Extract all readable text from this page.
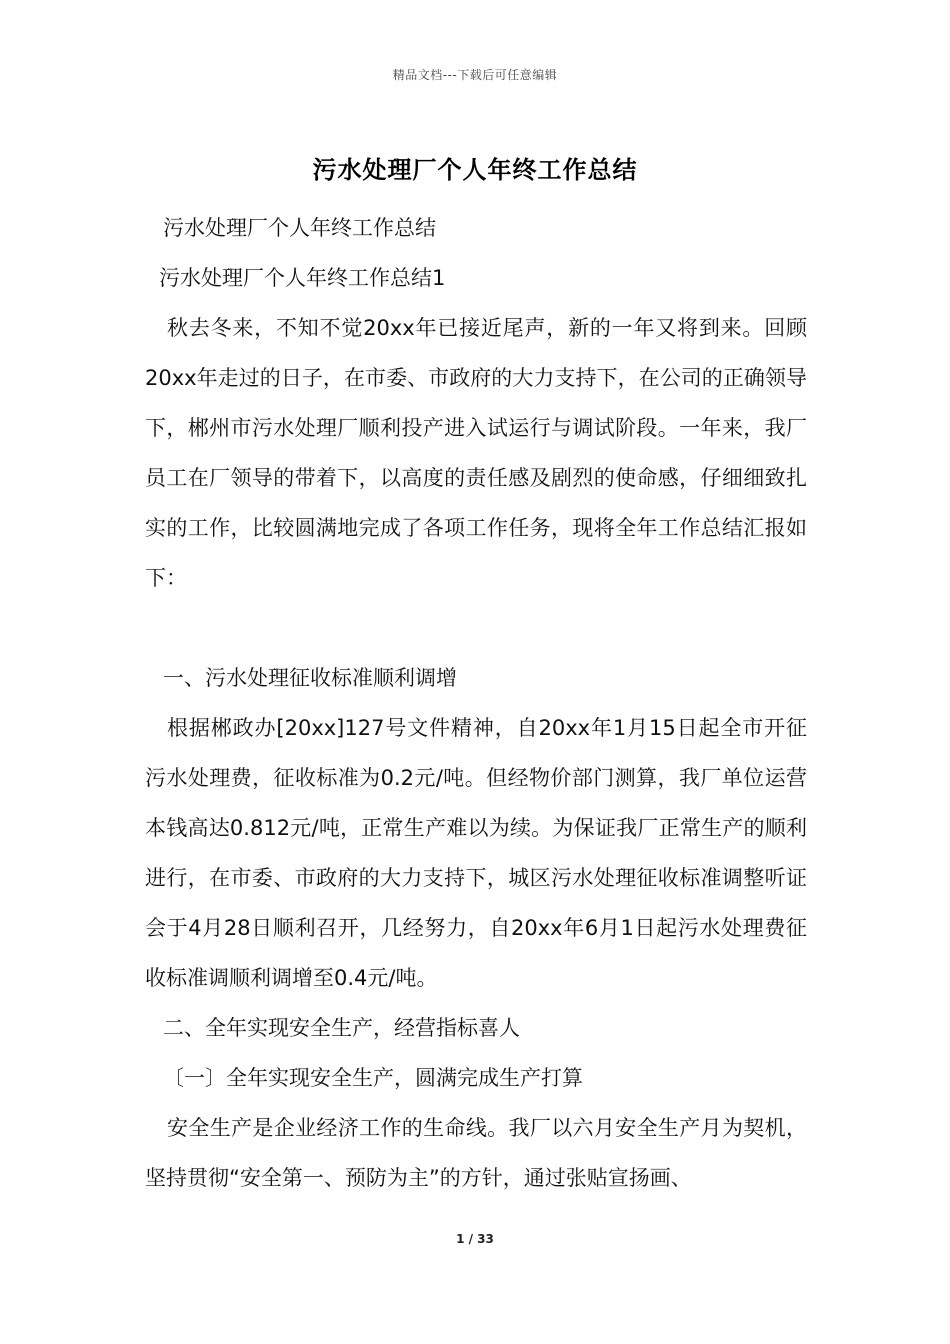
精品文档---下载后可任意编辑
污水处理厂个人年终工作总结

污水处理厂个人年终工作总结

污水处理厂个人年终工作总结1

秋去冬来，不知不觉20xx年已接近尾声，新的一年又将到来。回顾20xx年走过的日子，在市委、市政府的大力支持下，在公司的正确领导下，郴州市污水处理厂顺利投产进入试运行与调试阶段。一年来，我厂员工在厂领导的带着下，以高度的责任感及剧烈的使命感，仔细细致扎实的工作，比较圆满地完成了各项工作任务，现将全年工作总结汇报如下：

一、污水处理征收标准顺利调增

根据郴政办[20xx]127号文件精神，自20xx年1月15日起全市开征污水处理费，征收标准为0.2元/吨。但经物价部门测算，我厂单位运营本钱高达0.812元/吨，正常生产难以为续。为保证我厂正常生产的顺利进行，在市委、市政府的大力支持下，城区污水处理征收标准调整听证会于4月28日顺利召开，几经努力，自20xx年6月1日起污水处理费征收标准调顺利调增至0.4元/吨。

二、全年实现安全生产，经营指标喜人

〔一〕全年实现安全生产，圆满完成生产打算

安全生产是企业经济工作的生命线。我厂以六月安全生产月为契机，坚持贯彻“安全第一、预防为主”的方针，通过张贴宣扬画、

1 / 33
